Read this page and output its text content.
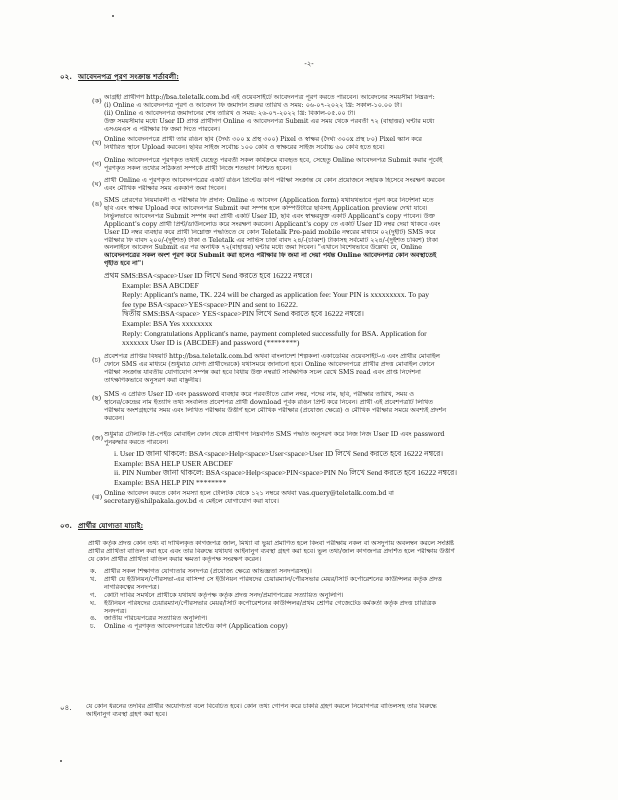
-২-
০২. আবেদনপত্র পূরণ সংক্রান্ত শর্তাবলী:
(ক) আগ্রহী প্রার্থীগণ http://bsa.teletalk.com.bd এই ওয়েবসাইটে আবেদনপত্র পূরণ করতে পারবেন। আবেদনের সময়সীমা নিম্নরূপ:
(i) Online এ আবেদনপত্র পূরণ ও আবেদন ফি জমাদান শুরুর তারিখ ও সময়: ০৬-০৭-২০২২ খ্রি: সকাল-১০.০০ টা।
(ii) Online এ আবেদনপত্র জমাদানের শেষ তারিখ ও সময়: ২৬-০৭-২০২২ খ্রি: বিকাল-০৫.০০ টা।
উক্ত সময়সীমার মধ্যে User ID প্রাপ্ত প্রার্থীগণ Online এ আবেদনপত্র Submit এর সময় থেকে পরবর্তী ৭২ (বাহাত্তর) ঘন্টার মধ্যে
এসএমএস এ পরীক্ষার ফি জমা দিতে পারবেন।
(খ) Online আবেদনপত্রে প্রার্থী তার রঙিন ছবি (দৈর্ঘ্য ৩০০ x প্রস্থ ৩০০) Pixel ও স্বাক্ষর (দৈর্ঘ্য ৩০০x প্রস্থ ৮০) Pixel স্ক্যান করে
নির্ধারিত স্থানে Upload করবেন। ছবির সাইজ সর্বোচ্চ ১০০ কেবি ও স্বাক্ষরের সাইজ সর্বোচ্চ ৬০ কেবি হতে হবে।
(গ) Online আবেদনপত্রে পূরণকৃত তথ্যই যেহেতু পরবর্তী সকল কার্যক্রমে ব্যবহৃত হবে, সেহেতু Online আবেদনপত্র Submit করার পূর্বেই
পূরণকৃত সকল তথ্যের সঠিকতা সম্পর্কে প্রার্থী নিজে শতভাগ নিশ্চিত হবেন।
(ঘ) প্রার্থী Online এ পূরণকৃত আবেদনপত্রের একটি রঙিন প্রিন্টেড কপি পরীক্ষা সংক্রান্ত যে কোন প্রয়োজনে সহায়ক হিসেবে সংরক্ষণ করবেন
এবং মৌখিক পরীক্ষার সময় এককপি জমা দিবেন।
(ঙ) SMS প্রেরণের নিয়মাবলী ও পরীক্ষার ফি প্রদান: Online এ আবেদন (Application form) যথাযথভাবে পূরণ করে নির্দেশনা মতে
ছবি এবং স্বাক্ষর Upload করে আবেদনপত্র Submit করা সম্পন্ন হলে কম্পিউটারে ছবিসহ Application preview দেখা যাবে।
নির্ভুলভাবে আবেদনপত্র Submit সম্পন্ন করা প্রার্থী একটি User ID, ছবি এবং স্বাক্ষরযুক্ত একটি Applicant's copy পাবেন। উক্ত
Applicant's copy প্রার্থী প্রিন্ট/ডাউনলোড করে সংরক্ষণ করবেন। Applicant's copy তে একটি User ID নম্বর দেয়া থাকবে এবং
User ID নম্বর ব্যবহার করে প্রার্থী নিম্নোক্ত পদ্ধতিতে যে কোন Teletalk Pre-paid mobile নম্বরের মাধ্যমে ০২(দুইটি) SMS করে
পরীক্ষার ফি বাবদ ২০০/-(দুইশত) টাকা ও Teletalk এর সার্ভিস চার্জ বাবদ ২৪/-(চব্বিশ) টাকাসহ সর্বমোট ২২৪/-(দুইশত চব্বিশ) টাকা
অনলাইনে আবেদন Submit এর পর অনধিক ৭২(বাহাত্তর) ঘন্টার মধ্যে জমা দিবেন। "এখানে বিশেষভাবে উল্লেখ্য যে, Online
আবেদনপত্রের সকল অংশ পূরণ করে Submit করা হলেও পরীক্ষার ফি জমা না দেয়া পর্যন্ত Online আবেদনপত্র কোন অবস্থাতেই
গৃহীত হবে না"।
প্রথম SMS:BSA<space>User ID লিখে Send করতে হবে 16222 নম্বরে।
Example: BSA ABCDEF
Reply: Applicant's name, TK. 224 will be charged as application fee: Your PIN is xxxxxxxxx. To pay
fee type BSA<space>YES<space>PIN and sent to 16222.
দ্বিতীয় SMS:BSA<space> YES<space>PIN লিখে Send করতে হবে 16222 নম্বরে।
Example: BSA Yes xxxxxxxx
Reply: Congratulations Applicant's name, payment completed successfully for BSA. Application for
xxxxxxx User ID is (ABCDEF) and password (********)
(চ) প্রবেশপত্র প্রাপ্তির বিষয়টি http://bsa.teletalk.com.bd অথবা বাংলাদেশ শিল্পকলা একাডেমির ওয়েবসাইট-এ এবং প্রার্থীর মোবাইল
ফোনে SMS এর মাধ্যমে (শুধুমাত্র যোগ্য প্রার্থীদেরকে) যথাসময়ে জানানো হবে। Online আবেদনপত্রে প্রার্থীর প্রদত্ত মোবাইল ফোনে
পরীক্ষা সংক্রান্ত যাবতীয় যোগাযোগ সম্পন্ন করা হবে বিধায় উক্ত নম্বরটি সার্বক্ষণিক সচল রেখে SMS read এবং প্রাপ্ত নির্দেশনা
তাৎক্ষণিকভাবে অনুসরণ করা বাঞ্ছনীয়।
(ছ) SMS এ প্রেরিত User ID এবং password ব্যবহার করে পরবর্তীতে রোল নম্বর, পদের নাম, ছবি, পরীক্ষার তারিখ, সময় ও
স্থানের/কেন্দ্রের নাম ইত্যাদি তথ্য সংবলিত প্রবেশপত্র প্রার্থী download পূর্বক রঙিন প্রিন্ট করে নিবেন। প্রার্থী এই প্রবেশপত্রটি লিখিত
পরীক্ষায় অংশগ্রহণের সময় এবং লিখিত পরীক্ষায় উত্তীর্ণ হলে মৌখিক পরীক্ষার (প্রযোজ্য ক্ষেত্রে) ও মৌখিক পরীক্ষার সময়ে অবশ্যই প্রদর্শন
করবেন।
(জ) শুধুমাত্র টেলিটক প্রি-পেইড মোবাইল ফোন থেকে প্রার্থীগণ নিম্নবর্ণিত SMS পদ্ধতি অনুসরণ করে নিজ নিজ User ID এবং password
পুনরুদ্ধার করতে পারবেন।
i. User ID জানা থাকলে: BSA<space>Help<space>User<space>User ID লিখে Send করতে হবে 16222 নম্বরে।
Example: BSA HELP USER ABCDEF
ii. PIN Number জানা থাকলে: BSA<space>Help<space>PIN<space>PIN No লিখে Send করতে হবে 16222 নম্বরে।
Example: BSA HELP PIN ********
(ঝ) Online আবেদন করতে কোন সমস্যা হলে টেলিটক থেকে ১২১ নম্বরে অথবা vas.query@teletalk.com.bd বা
secretary@shilpakala.gov.bd এ মেইলে যোগাযোগ করা যাবে।
০৩. প্রার্থীর যোগ্যতা যাচাই:
প্রার্থী কর্তৃক প্রদত্ত কোন তথ্য বা দাখিলকৃত কাগজপত্র জাল, মিথ্যা বা ভুয়া প্রমাণিত হলে কিংবা পরীক্ষায় নকল বা অসদুপায় অবলম্বন করলে সংশ্লিষ্ট
প্রার্থীর প্রার্থিতা বাতিল করা হবে এবং তার বিরুদ্ধে যথাযথ আইনানুগ ব্যবস্থা গ্রহণ করা হবে। ভুল তথ্য/জাল কাগজপত্র প্রদর্শিত হলে পরীক্ষায় উত্তীর্ণ
যে কোন প্রার্থীর প্রার্থিতা বাতিল করার ক্ষমতা কর্তৃপক্ষ সংরক্ষণ করেন।
ক. প্রার্থীর সকল শিক্ষাগত যোগ্যতার সনদপত্র (প্রযোজ্য ক্ষেত্রে অভিজ্ঞতা সনদপত্রসহ)।
খ. প্রার্থী যে ইউনিয়ন/পৌরসভা-এর বাসিন্দা সে ইউনিয়ন পরিষদের চেয়ারম্যান/পৌরসভার মেয়র/সিটি কর্পোরেশনের কাউন্সিলর কর্তৃক প্রদত্ত
নাগরিকত্বের সনদপত্র।
গ. কোটা দাবির সমর্থনে প্রার্থীকে যথাযথ কর্তৃপক্ষ কর্তৃক প্রদত্ত সনদ/প্রমাণপত্রের সত্যায়িত অনুলিপি।
ঘ. ইউনিয়ন পরিষদের চেয়ারম্যান/পৌরসভার মেয়র/সিটি কর্পোরেশনের কাউন্সিলর/প্রথম শ্রেণির গেজেটেড কর্মকর্তা কর্তৃক প্রদত্ত চারিত্রিক
সনদপত্র।
ঙ. জাতীয় পরিচয়পত্রের সত্যায়িত অনুলিপি।
চ. Online এ পূরণকৃত আবেদনপত্রের প্রিন্টেড কপি (Application copy)
০৪. যে কোন ধরনের তদবির প্রার্থীর অযোগ্যতা বলে বিবেচিত হবে। কোন তথ্য গোপন করে চাকরি গ্রহণ করলে নিয়োগপত্র বাতিলসহ তার বিরুদ্ধে
আইনানুগ ব্যবস্থা গ্রহণ করা হবে।
